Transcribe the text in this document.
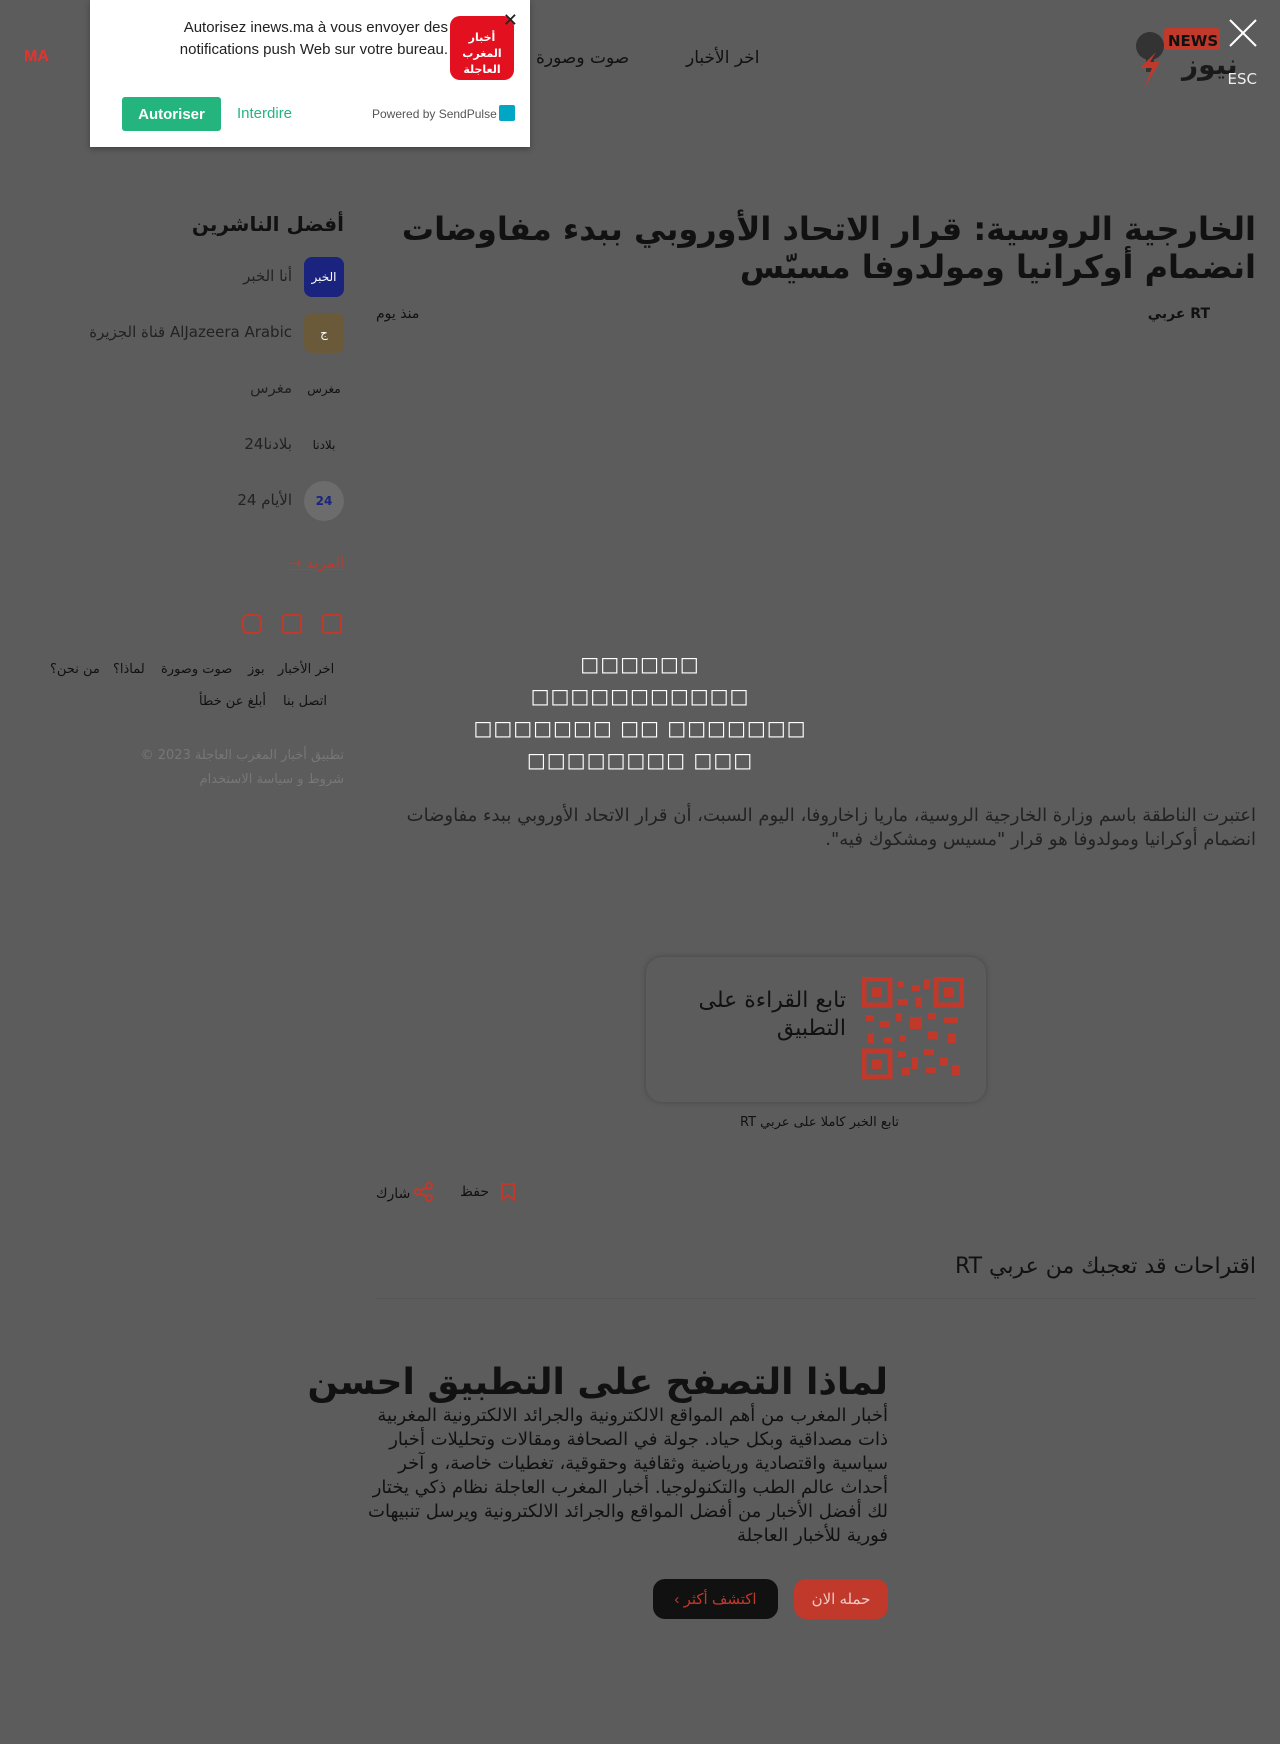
MA	اخر الأخبار
صوت وصورة
NEWS
نيوز
ESC
أخبار المغرب العاجلة
✕
Autorisez inews.ma à vous envoyer des notifications push Web sur votre bureau.
Autoriser	Interdire	Powered by SendPulse
الخارجية الروسية: قرار الاتحاد الأوروبي ببدء مفاوضات انضمام أوكرانيا ومولدوفا مسيّس
عربي RT
منذ يوم
□□□□□□ □□□□□□□□□□□ □□□□□□□ □□ □□□□□□□ □□□□□□□□ □□□

اعتبرت الناطقة باسم وزارة الخارجية الروسية، ماريا زاخاروفا، اليوم السبت، أن قرار الاتحاد الأوروبي ببدء مفاوضات انضمام أوكرانيا ومولدوفا هو قرار "مسيس ومشكوك فيه".

تابع القراءة على التطبيق
تابع الخبر كاملا على عربي RT
حفظ
شارك
اقتراحات قد تعجبك من عربي RT
لماذا التصفح على التطبيق احسن

أخبار المغرب من أهم المواقع الالكترونية والجرائد الالكترونية المغربية ذات مصداقية وبكل حياد. جولة في الصحافة ومقالات وتحليلات أخبار سياسية واقتصادية ورياضية وثقافية وحقوقية، تغطيات خاصة، و آخر أحداث عالم الطب والتكنولوجيا. أخبار المغرب العاجلة نظام ذكي يختار لك أفضل الأخبار من أفضل المواقع والجرائد الالكترونية ويرسل تنبيهات فورية للأخبار العاجلة

حمله الان
‹ اكتشف أكثر
أفضل الناشرين
الخبر
أنا الخبر
ج
AlJazeera Arabic قناة الجزيرة
مغرس
مغرس
بلادنا
بلادنا24
24
الأيام 24
المزيد →
اخر الأخبار
بوز
صوت وصورة
لماذا؟
من نحن؟
اتصل بنا
أبلغ عن خطأ
© تطبيق أخبار المغرب العاجلة 2023
شروط و سياسة الاستخدام
